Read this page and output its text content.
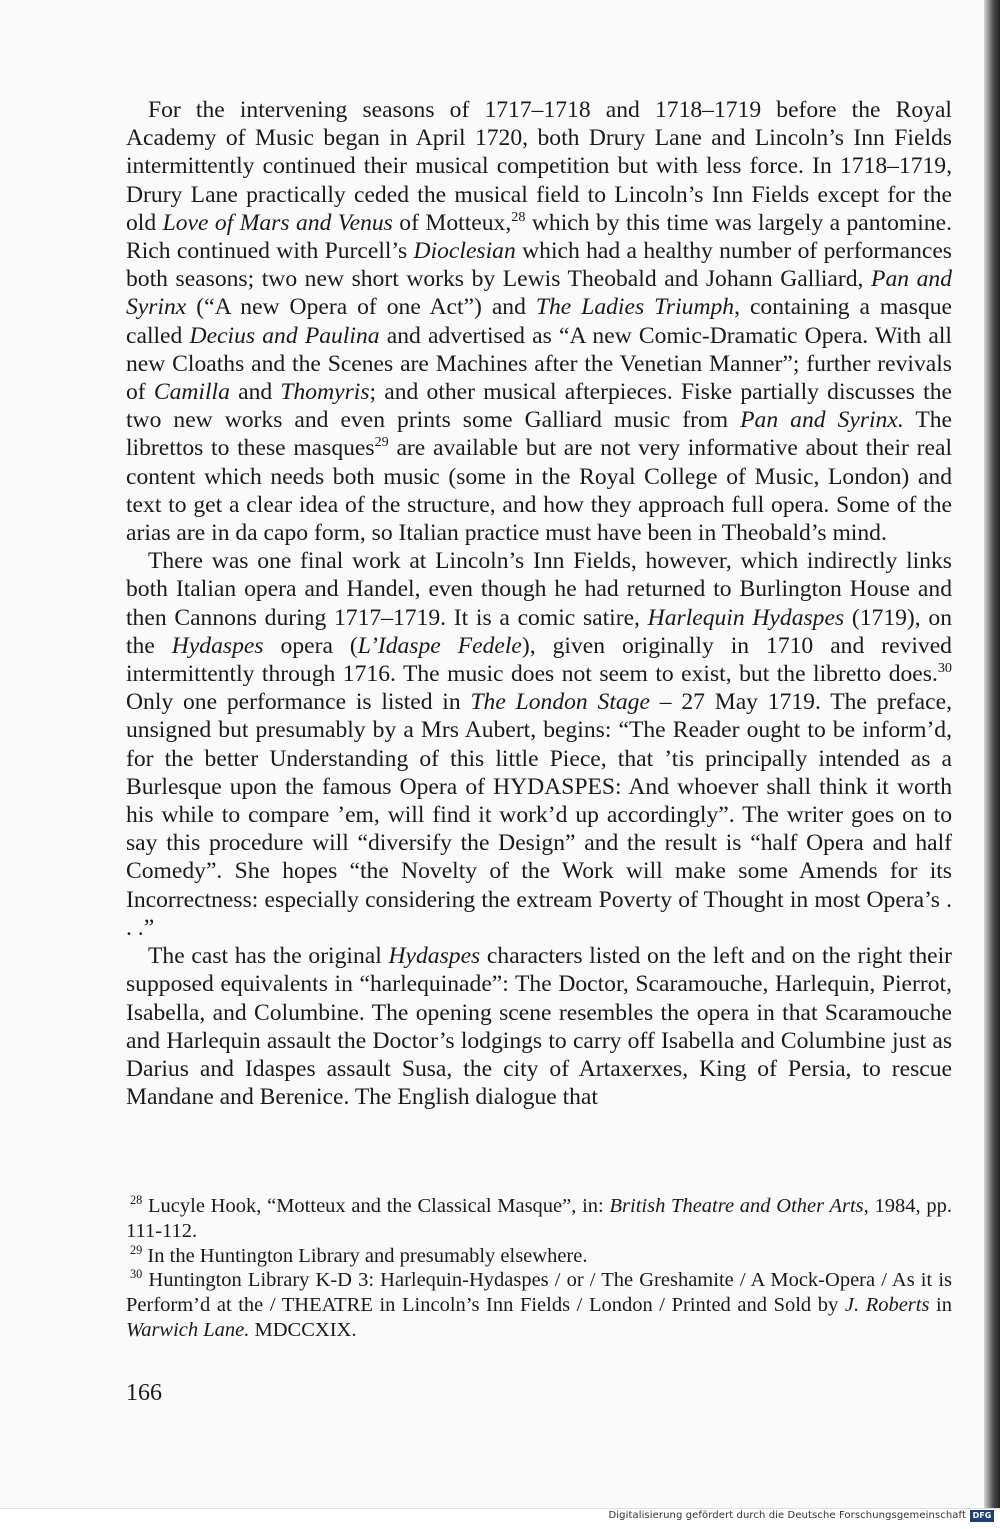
For the intervening seasons of 1717–1718 and 1718–1719 before the Royal Academy of Music began in April 1720, both Drury Lane and Lincoln’s Inn Fields intermittently continued their musical competition but with less force. In 1718–1719, Drury Lane practically ceded the musical field to Lincoln’s Inn Fields except for the old Love of Mars and Venus of Motteux,$^{28}$ which by this time was largely a pantomine. Rich continued with Purcell’s Dioclesian which had a healthy number of performances both seasons; two new short works by Lewis Theobald and Johann Galliard, Pan and Syrinx (“A new Opera of one Act”) and The Ladies Triumph, containing a masque called Decius and Paulina and advertised as “A new Comic-Dramatic Opera. With all new Cloaths and the Scenes are Machines after the Venetian Manner”; further revivals of Camilla and Thomyris; and other musical afterpieces. Fiske partially discusses the two new works and even prints some Galliard music from Pan and Syrinx. The librettos to these masques$^{29}$ are available but are not very informative about their real content which needs both music (some in the Royal College of Music, London) and text to get a clear idea of the structure, and how they approach full opera. Some of the arias are in da capo form, so Italian practice must have been in Theobald’s mind.

There was one final work at Lincoln’s Inn Fields, however, which indirectly links both Italian opera and Handel, even though he had returned to Burlington House and then Cannons during 1717–1719. It is a comic satire, Harlequin Hydaspes (1719), on the Hydaspes opera (L’Idaspe Fedele), given originally in 1710 and revived intermittently through 1716. The music does not seem to exist, but the libretto does.$^{30}$ Only one performance is listed in The London Stage – 27 May 1719. The preface, unsigned but presumably by a Mrs Aubert, begins: “The Reader ought to be inform’d, for the better Understanding of this little Piece, that ’tis principally intended as a Burlesque upon the famous Opera of HYDASPES: And whoever shall think it worth his while to compare ’em, will find it work’d up accordingly”. The writer goes on to say this procedure will “diversify the Design” and the result is “half Opera and half Comedy”. She hopes “the Novelty of the Work will make some Amends for its Incorrectness: especially considering the extream Poverty of Thought in most Opera’s . . .”

The cast has the original Hydaspes characters listed on the left and on the right their supposed equivalents in “harlequinade”: The Doctor, Scaramouche, Harlequin, Pierrot, Isabella, and Columbine. The opening scene resembles the opera in that Scaramouche and Harlequin assault the Doctor’s lodgings to carry off Isabella and Columbine just as Darius and Idaspes assault Susa, the city of Artaxerxes, King of Persia, to rescue Mandane and Berenice. The English dialogue that

$^{28}$ Lucyle Hook, “Motteux and the Classical Masque”, in: British Theatre and Other Arts, 1984, pp. 111-112.

$^{29}$ In the Huntington Library and presumably elsewhere.

$^{30}$ Huntington Library K-D 3: Harlequin-Hydaspes / or / The Greshamite / A Mock-Opera / As it is Perform’d at the / THEATRE in Lincoln’s Inn Fields / London / Printed and Sold by J. Roberts in Warwich Lane. MDCCXIX.

166
Digitalisierung gefördert durch die Deutsche Forschungsgemeinschaft DFG
